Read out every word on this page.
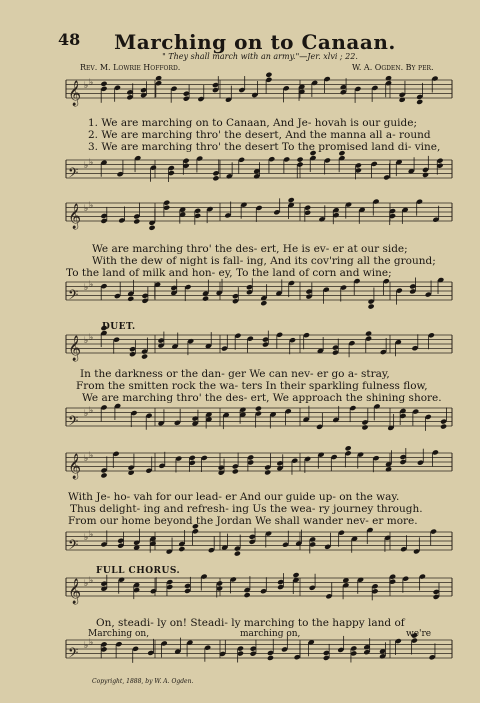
48	Marching on to Canaan.
" They shall march with an army."—Jer. xlvi ; 22.
Rev. M. Lowrie Hofford.	W. A. Ogden. By per.
𝄞 ♭ ♭
𝄢 ♭ ♭
𝄞 ♭ ♭
𝄢 ♭ ♭
𝄞 ♭ ♭
𝄢 ♭ ♭
𝄞 ♭ ♭
𝄢 ♭ ♭
𝄞 ♭ ♭
𝄢 ♭ ♭
1. We are marching on to Canaan, And Je- hovah is our guide;
2. We are marching thro' the desert, And the manna all a- round
3. We are marching thro' the desert To the promised land di- vine,
We are marching thro' the des- ert, He is ev- er at our side;
With the dew of night is fall- ing, And its cov'ring all the ground;
To the land of milk and hon- ey, To the land of corn and wine;
DUET.
In the darkness or the dan- ger We can nev- er go a- stray,
From the smitten rock the wa- ters In their sparkling fulness flow,
We are marching thro' the des- ert, We approach the shining shore.
With Je- ho- vah for our lead- er And our guide up- on the way.
Thus delight- ing and refresh- ing Us the wea- ry journey through.
From our home beyond the Jordan We shall wander nev- er more.
FULL CHORUS.
On, steadi- ly on! Steadi- ly marching to the happy land of
Marching on,	marching on,	we're
Copyright, 1888, by W. A. Ogden.
